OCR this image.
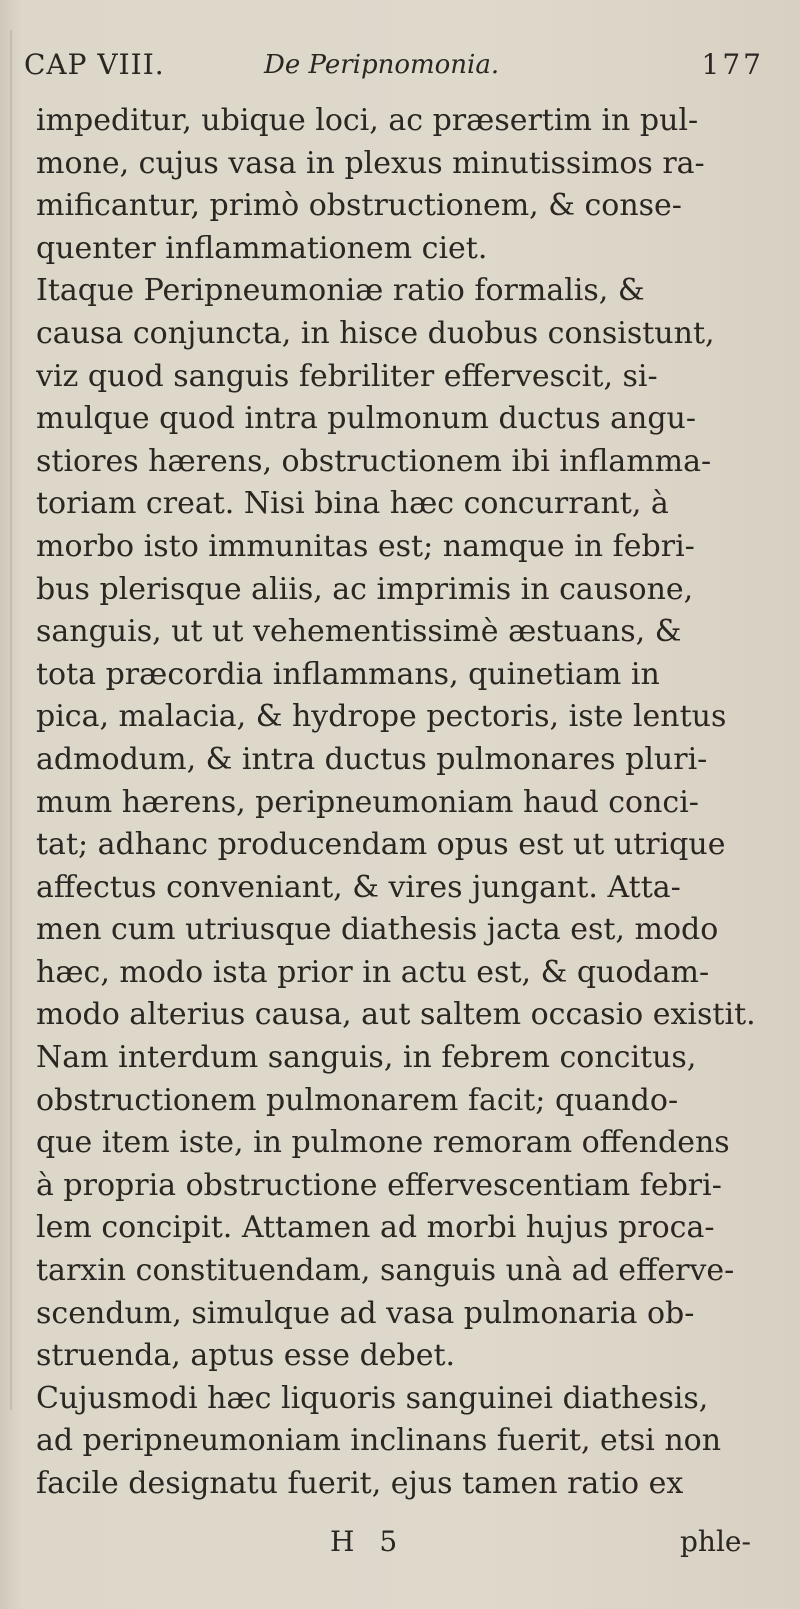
CAP VIII.	De Peripnomonia.	177
impeditur, ubique loci, ac præsertim in pul-
mone, cujus vasa in plexus minutissimos ra-
mificantur, primò obstructionem, & conse-
quenter inflammationem ciet.
Itaque Peripneumoniæ ratio formalis, &
causa conjuncta, in hisce duobus consistunt,
viz quod sanguis febriliter effervescit, si-
mulque quod intra pulmonum ductus angu-
stiores hærens, obstructionem ibi inflamma-
toriam creat. Nisi bina hæc concurrant, à
morbo isto immunitas est; namque in febri-
bus plerisque aliis, ac imprimis in causone,
sanguis, ut ut vehementissimè æstuans, &
tota præcordia inflammans, quinetiam in
pica, malacia, & hydrope pectoris, iste lentus
admodum, & intra ductus pulmonares pluri-
mum hærens, peripneumoniam haud conci-
tat; adhanc producendam opus est ut utrique
affectus conveniant, & vires jungant. Atta-
men cum utriusque diathesis jacta est, modo
hæc, modo ista prior in actu est, & quodam-
modo alterius causa, aut saltem occasio existit.
Nam interdum sanguis, in febrem concitus,
obstructionem pulmonarem facit; quando-
que item iste, in pulmone remoram offendens
à propria obstructione effervescentiam febri-
lem concipit. Attamen ad morbi hujus proca-
tarxin constituendam, sanguis unà ad efferve-
scendum, simulque ad vasa pulmonaria ob-
struenda, aptus esse debet.
Cujusmodi hæc liquoris sanguinei diathesis,
ad peripneumoniam inclinans fuerit, etsi non
facile designatu fuerit, ejus tamen ratio ex
H 5	phle-
